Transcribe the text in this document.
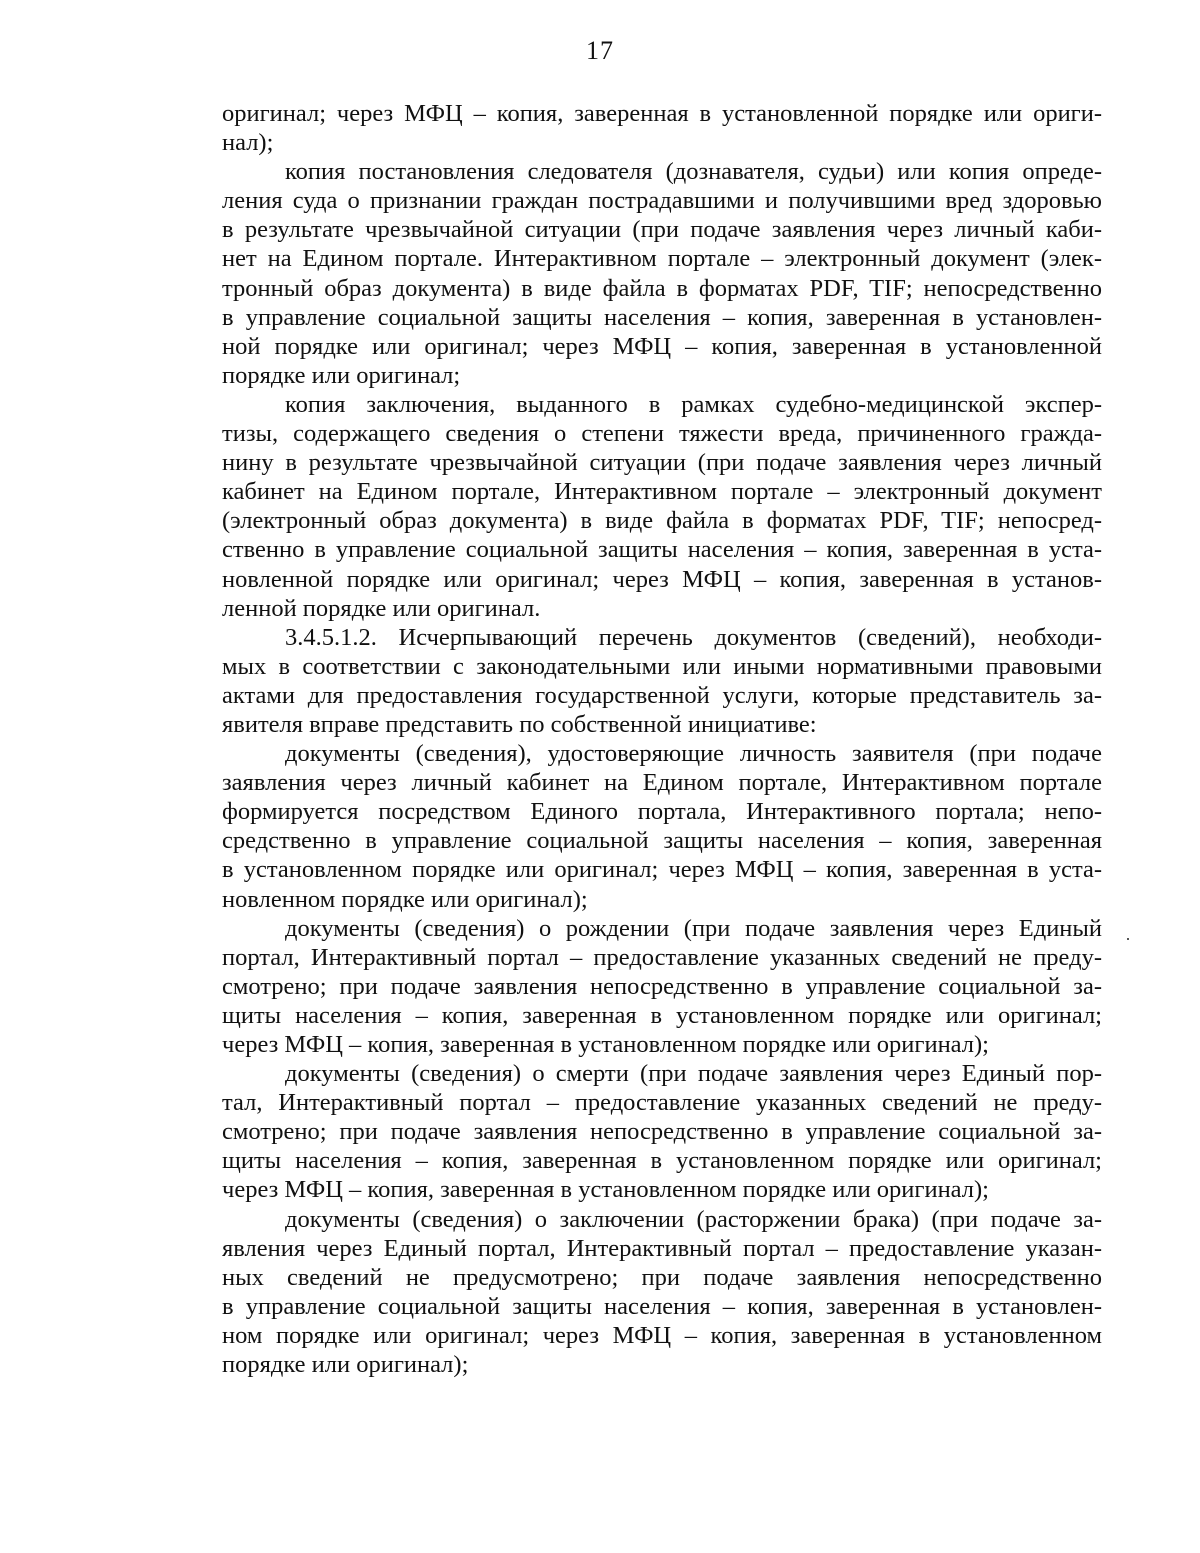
17
оригинал; через МФЦ – копия, заверенная в установленной порядке или ориги-
нал);
копия постановления следователя (дознавателя, судьи) или копия опреде-
ления суда о признании граждан пострадавшими и получившими вред здоровью
в результате чрезвычайной ситуации (при подаче заявления через личный каби-
нет на Едином портале. Интерактивном портале – электронный документ (элек-
тронный образ документа) в виде файла в форматах PDF, TIF; непосредственно
в управление социальной защиты населения – копия, заверенная в установлен-
ной порядке или оригинал; через МФЦ – копия, заверенная в установленной
порядке или оригинал;
копия заключения, выданного в рамках судебно-медицинской экспер-
тизы, содержащего сведения о степени тяжести вреда, причиненного гражда-
нину в результате чрезвычайной ситуации (при подаче заявления через личный
кабинет на Едином портале, Интерактивном портале – электронный документ
(электронный образ документа) в виде файла в форматах PDF, TIF; непосред-
ственно в управление социальной защиты населения – копия, заверенная в уста-
новленной порядке или оригинал; через МФЦ – копия, заверенная в установ-
ленной порядке или оригинал.
3.4.5.1.2. Исчерпывающий перечень документов (сведений), необходи-
мых в соответствии с законодательными или иными нормативными правовыми
актами для предоставления государственной услуги, которые представитель за-
явителя вправе представить по собственной инициативе:
документы (сведения), удостоверяющие личность заявителя (при подаче
заявления через личный кабинет на Едином портале, Интерактивном портале
формируется посредством Единого портала, Интерактивного портала; непо-
средственно в управление социальной защиты населения – копия, заверенная
в установленном порядке или оригинал; через МФЦ – копия, заверенная в уста-
новленном порядке или оригинал);
документы (сведения) о рождении (при подаче заявления через Единый
портал, Интерактивный портал – предоставление указанных сведений не преду-
смотрено; при подаче заявления непосредственно в управление социальной за-
щиты населения – копия, заверенная в установленном порядке или оригинал;
через МФЦ – копия, заверенная в установленном порядке или оригинал);
документы (сведения) о смерти (при подаче заявления через Единый пор-
тал, Интерактивный портал – предоставление указанных сведений не преду-
смотрено; при подаче заявления непосредственно в управление социальной за-
щиты населения – копия, заверенная в установленном порядке или оригинал;
через МФЦ – копия, заверенная в установленном порядке или оригинал);
документы (сведения) о заключении (расторжении брака) (при подаче за-
явления через Единый портал, Интерактивный портал – предоставление указан-
ных сведений не предусмотрено; при подаче заявления непосредственно
в управление социальной защиты населения – копия, заверенная в установлен-
ном порядке или оригинал; через МФЦ – копия, заверенная в установленном
порядке или оригинал);
